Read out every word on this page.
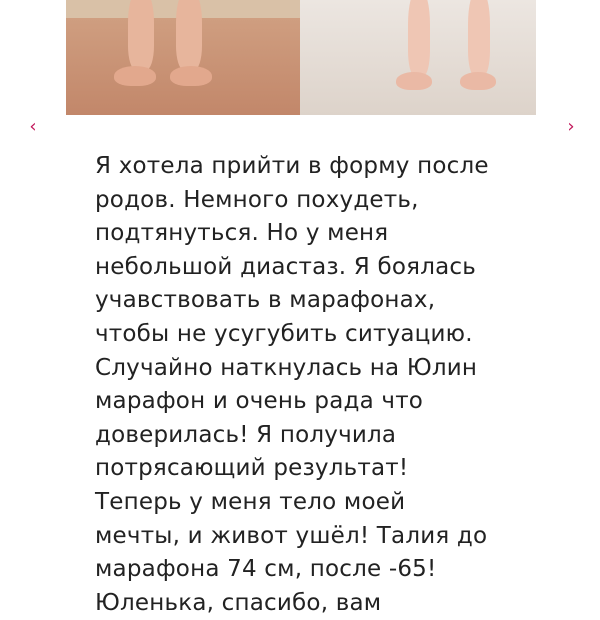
‹	›

Я хотела прийти в форму после
родов. Немного похудеть,
подтянуться. Но у меня
небольшой диастаз. Я боялась
учавствовать в марафонах,
чтобы не усугубить ситуацию.
Случайно наткнулась на Юлин
марафон и очень рада что
доверилась! Я получила
потрясающий результат!
Теперь у меня тело моей
мечты, и живот ушёл! Талия до
марафона 74 см, после -65!
Юленька, спасибо, вам
